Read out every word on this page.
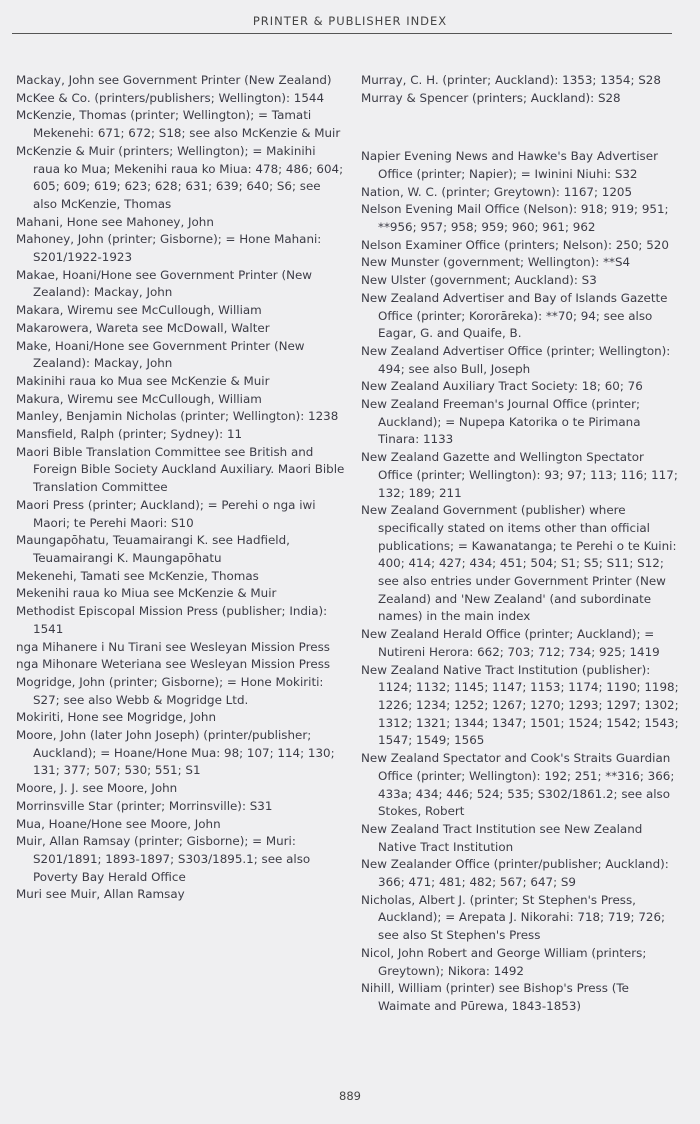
PRINTER & PUBLISHER INDEX

Mackay, John see Government Printer (New Zealand)

McKee & Co. (printers/publishers; Wellington): 1544

McKenzie, Thomas (printer; Wellington); = Tamati Mekenehi: 671; 672; S18; see also McKenzie & Muir

McKenzie & Muir (printers; Wellington); = Makinihi raua ko Mua; Mekenihi raua ko Miua: 478; 486; 604; 605; 609; 619; 623; 628; 631; 639; 640; S6; see also McKenzie, Thomas

Mahani, Hone see Mahoney, John

Mahoney, John (printer; Gisborne); = Hone Mahani: S201/1922-1923

Makae, Hoani/Hone see Government Printer (New Zealand): Mackay, John

Makara, Wiremu see McCullough, William

Makarowera, Wareta see McDowall, Walter

Make, Hoani/Hone see Government Printer (New Zealand): Mackay, John

Makinihi raua ko Mua see McKenzie & Muir

Makura, Wiremu see McCullough, William

Manley, Benjamin Nicholas (printer; Wellington): 1238

Mansfield, Ralph (printer; Sydney): 11

Maori Bible Translation Committee see British and Foreign Bible Society Auckland Auxiliary. Maori Bible Translation Committee

Maori Press (printer; Auckland); = Perehi o nga iwi Maori; te Perehi Maori: S10

Maungapōhatu, Teuamairangi K. see Hadfield, Teuamairangi K. Maungapōhatu

Mekenehi, Tamati see McKenzie, Thomas

Mekenihi raua ko Miua see McKenzie & Muir

Methodist Episcopal Mission Press (publisher; India): 1541

nga Mihanere i Nu Tirani see Wesleyan Mission Press

nga Mihonare Weteriana see Wesleyan Mission Press

Mogridge, John (printer; Gisborne); = Hone Mokiriti: S27; see also Webb & Mogridge Ltd.

Mokiriti, Hone see Mogridge, John

Moore, John (later John Joseph) (printer/publisher; Auckland); = Hoane/Hone Mua: 98; 107; 114; 130; 131; 377; 507; 530; 551; S1

Moore, J. J. see Moore, John

Morrinsville Star (printer; Morrinsville): S31

Mua, Hoane/Hone see Moore, John

Muir, Allan Ramsay (printer; Gisborne); = Muri: S201/1891; 1893-1897; S303/1895.1; see also Poverty Bay Herald Office

Muri see Muir, Allan Ramsay

Murray, C. H. (printer; Auckland): 1353; 1354; S28

Murray & Spencer (printers; Auckland): S28

Napier Evening News and Hawke's Bay Advertiser Office (printer; Napier); = Iwinini Niuhi: S32

Nation, W. C. (printer; Greytown): 1167; 1205

Nelson Evening Mail Office (Nelson): 918; 919; 951; **956; 957; 958; 959; 960; 961; 962

Nelson Examiner Office (printers; Nelson): 250; 520

New Munster (government; Wellington): **S4

New Ulster (government; Auckland): S3

New Zealand Advertiser and Bay of Islands Gazette Office (printer; Kororāreka): **70; 94; see also Eagar, G. and Quaife, B.

New Zealand Advertiser Office (printer; Wellington): 494; see also Bull, Joseph

New Zealand Auxiliary Tract Society: 18; 60; 76

New Zealand Freeman's Journal Office (printer; Auckland); = Nupepa Katorika o te Pirimana Tinara: 1133

New Zealand Gazette and Wellington Spectator Office (printer; Wellington): 93; 97; 113; 116; 117; 132; 189; 211

New Zealand Government (publisher) where specifically stated on items other than official publications; = Kawanatanga; te Perehi o te Kuini: 400; 414; 427; 434; 451; 504; S1; S5; S11; S12; see also entries under Government Printer (New Zealand) and 'New Zealand' (and subordinate names) in the main index

New Zealand Herald Office (printer; Auckland); = Nutireni Herora: 662; 703; 712; 734; 925; 1419

New Zealand Native Tract Institution (publisher): 1124; 1132; 1145; 1147; 1153; 1174; 1190; 1198; 1226; 1234; 1252; 1267; 1270; 1293; 1297; 1302; 1312; 1321; 1344; 1347; 1501; 1524; 1542; 1543; 1547; 1549; 1565

New Zealand Spectator and Cook's Straits Guardian Office (printer; Wellington): 192; 251; **316; 366; 433a; 434; 446; 524; 535; S302/1861.2; see also Stokes, Robert

New Zealand Tract Institution see New Zealand Native Tract Institution

New Zealander Office (printer/publisher; Auckland): 366; 471; 481; 482; 567; 647; S9

Nicholas, Albert J. (printer; St Stephen's Press, Auckland); = Arepata J. Nikorahi: 718; 719; 726; see also St Stephen's Press

Nicol, John Robert and George William (printers; Greytown); Nikora: 1492

Nihill, William (printer) see Bishop's Press (Te Waimate and Pūrewa, 1843-1853)

889
